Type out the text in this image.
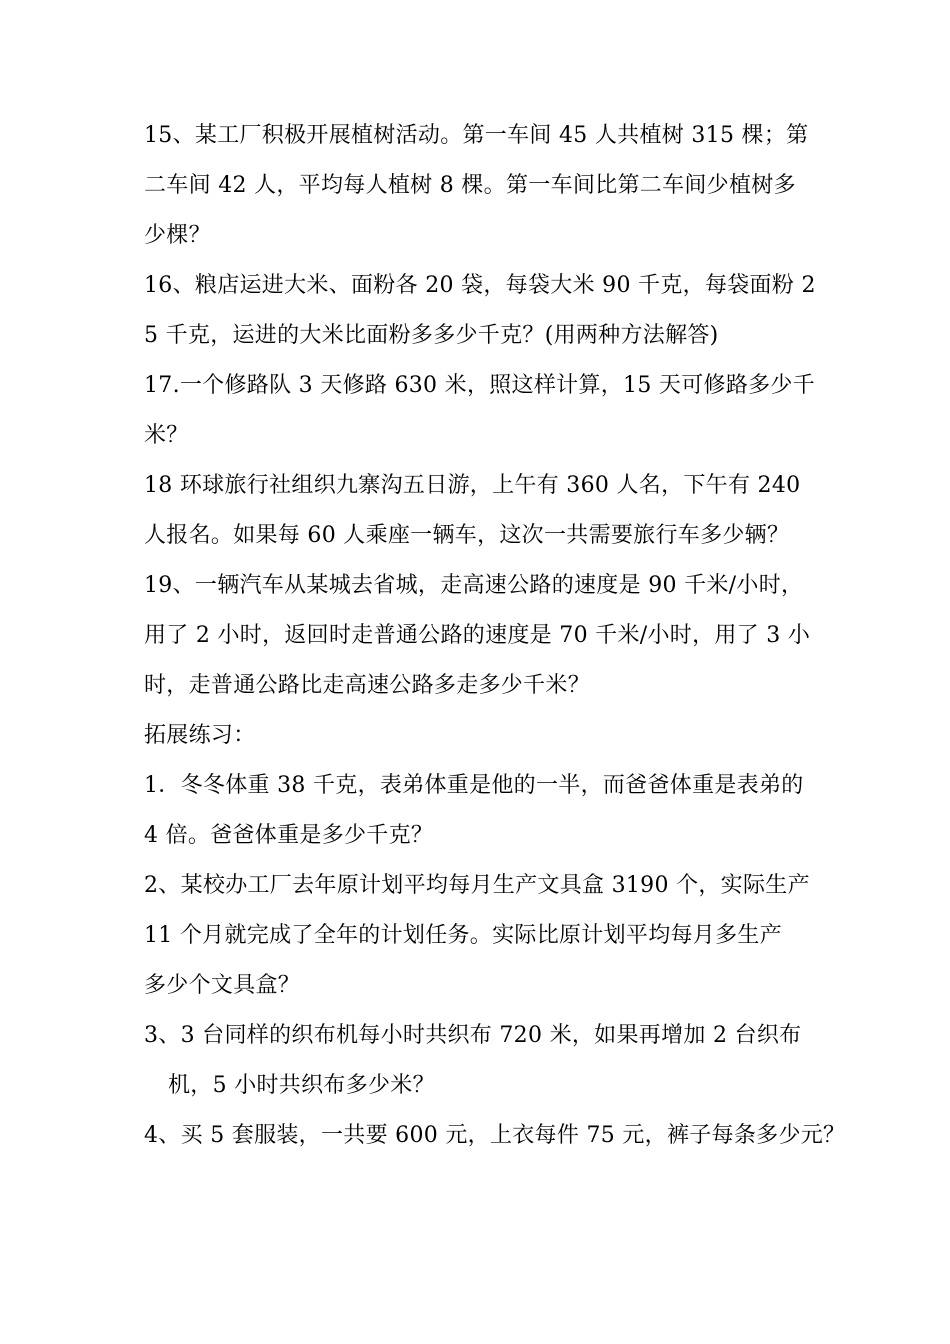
15、某工厂积极开展植树活动。第一车间 45 人共植树 315 棵；第
二车间 42 人，平均每人植树 8 棵。第一车间比第二车间少植树多
少棵？
16、粮店运进大米、面粉各 20 袋，每袋大米 90 千克，每袋面粉 2
5 千克，运进的大米比面粉多多少千克？(用两种方法解答)
17.一个修路队 3 天修路 630 米，照这样计算，15 天可修路多少千
米？
18 环球旅行社组织九寨沟五日游，上午有 360 人名，下午有 240
人报名。如果每 60 人乘座一辆车，这次一共需要旅行车多少辆？
19、一辆汽车从某城去省城，走高速公路的速度是 90 千米/小时，
用了 2 小时，返回时走普通公路的速度是 70 千米/小时，用了 3 小
时，走普通公路比走高速公路多走多少千米？
拓展练习：
1．冬冬体重 38 千克，表弟体重是他的一半，而爸爸体重是表弟的
4 倍。爸爸体重是多少千克？
2、某校办工厂去年原计划平均每月生产文具盒 3190 个，实际生产
11 个月就完成了全年的计划任务。实际比原计划平均每月多生产
多少个文具盒？
3、3 台同样的织布机每小时共织布 720 米，如果再增加 2 台织布
机，5 小时共织布多少米？
4、买 5 套服装，一共要 600 元，上衣每件 75 元，裤子每条多少元？
